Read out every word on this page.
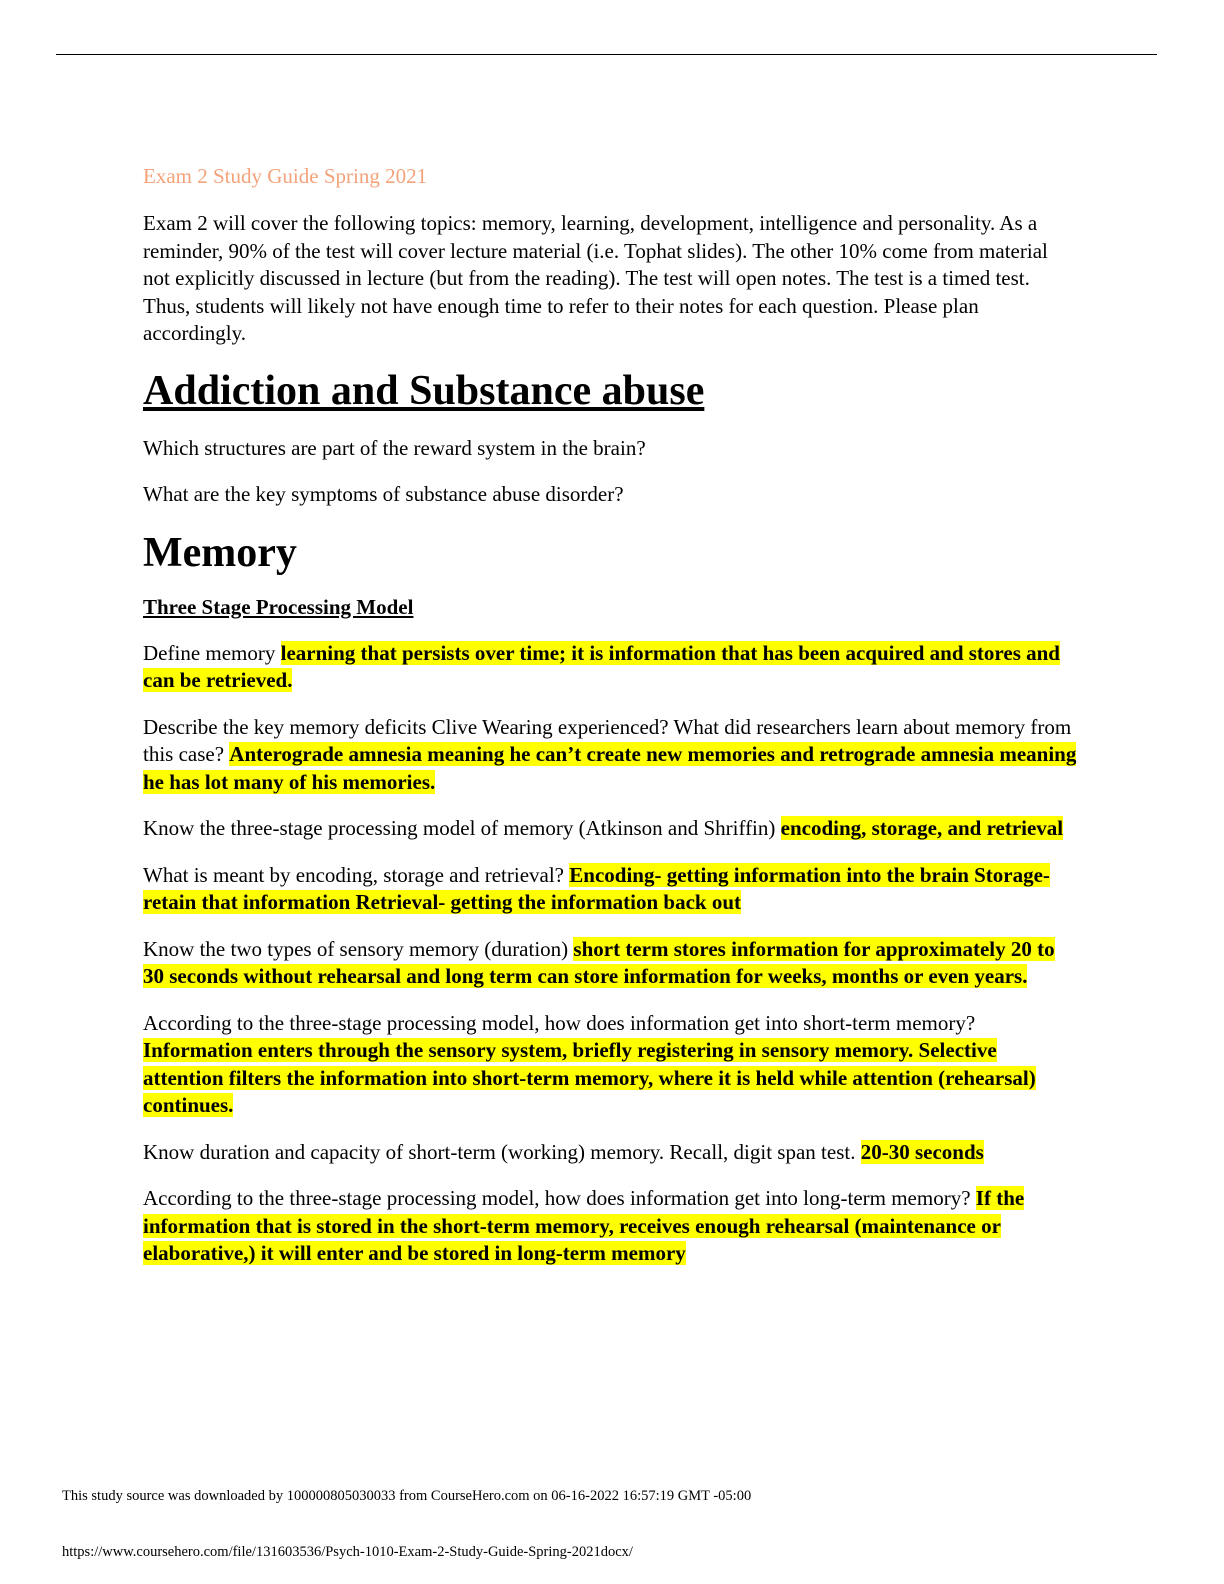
Exam 2 Study Guide Spring 2021

Exam 2 will cover the following topics: memory, learning, development, intelligence and personality. As a reminder, 90% of the test will cover lecture material (i.e. Tophat slides). The other 10% come from material not explicitly discussed in lecture (but from the reading). The test will open notes. The test is a timed test. Thus, students will likely not have enough time to refer to their notes for each question. Please plan accordingly.

Addiction and Substance abuse

Which structures are part of the reward system in the brain?

What are the key symptoms of substance abuse disorder?

Memory
Three Stage Processing Model

Define memory learning that persists over time; it is information that has been acquired and stores and can be retrieved.

Describe the key memory deficits Clive Wearing experienced? What did researchers learn about memory from this case? Anterograde amnesia meaning he can’t create new memories and retrograde amnesia meaning he has lot many of his memories.

Know the three-stage processing model of memory (Atkinson and Shriffin) encoding, storage, and retrieval

What is meant by encoding, storage and retrieval? Encoding- getting information into the brain Storage- retain that information Retrieval- getting the information back out

Know the two types of sensory memory (duration) short term stores information for approximately 20 to 30 seconds without rehearsal and long term can store information for weeks, months or even years.

According to the three-stage processing model, how does information get into short-term memory? Information enters through the sensory system, briefly registering in sensory memory. Selective attention filters the information into short-term memory, where it is held while attention (rehearsal) continues.

Know duration and capacity of short-term (working) memory. Recall, digit span test. 20-30 seconds

According to the three-stage processing model, how does information get into long-term memory? If the information that is stored in the short-term memory, receives enough rehearsal (maintenance or elaborative,) it will enter and be stored in long-term memory

This study source was downloaded by 100000805030033 from CourseHero.com on 06-16-2022 16:57:19 GMT -05:00
https://www.coursehero.com/file/131603536/Psych-1010-Exam-2-Study-Guide-Spring-2021docx/
